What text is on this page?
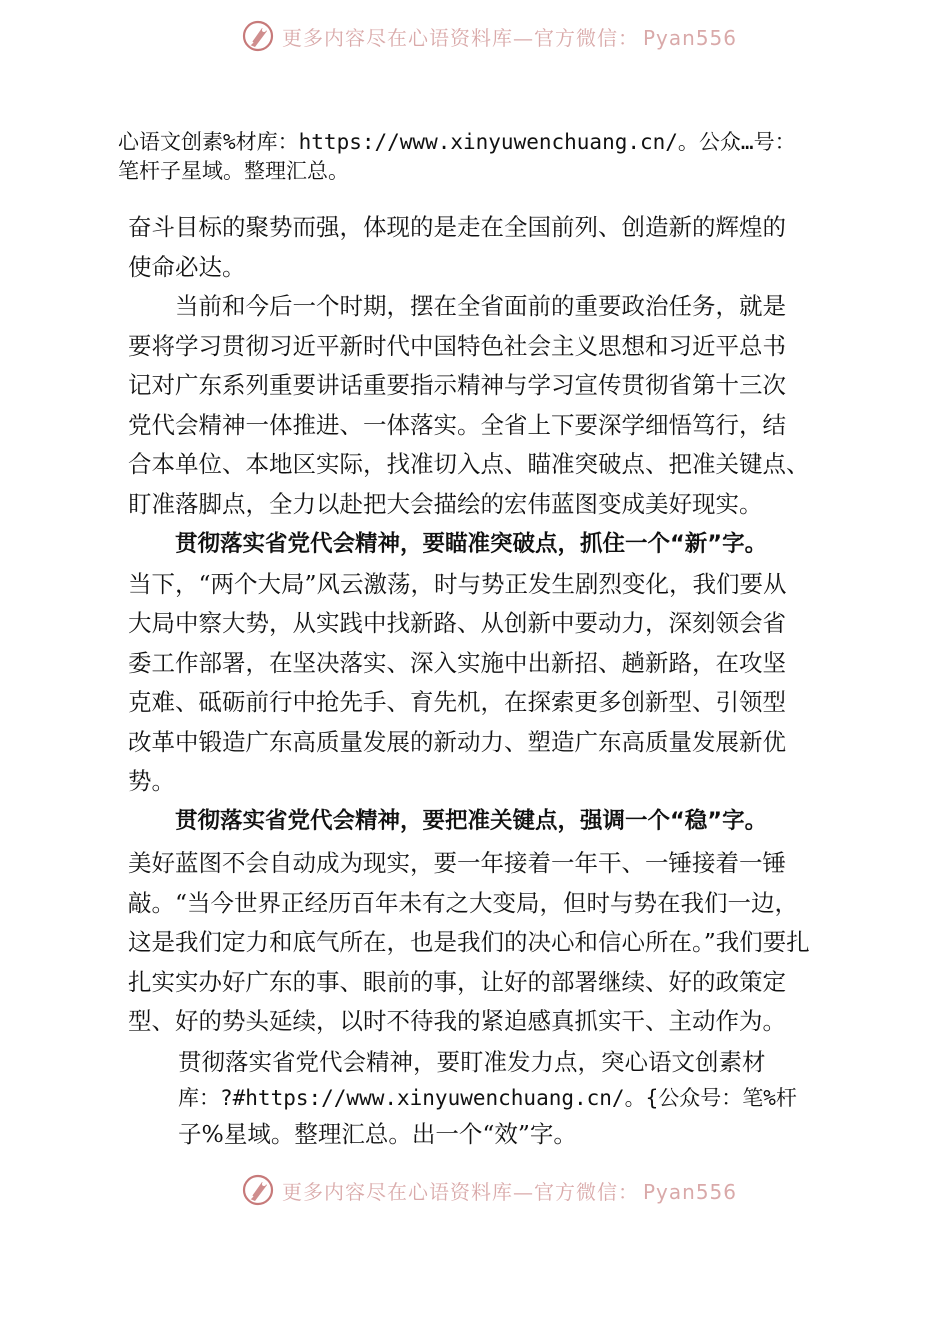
更多内容尽在心语资料库—官方微信： Pyan556
心语文创素%材库：https://www.xinyuwenchuang.cn/。公众…号：
笔杆子星域。整理汇总。
奋斗目标的聚势而强，体现的是走在全国前列、创造新的辉煌的
使命必达。
当前和今后一个时期，摆在全省面前的重要政治任务，就是
要将学习贯彻习近平新时代中国特色社会主义思想和习近平总书
记对广东系列重要讲话重要指示精神与学习宣传贯彻省第十三次
党代会精神一体推进、一体落实。全省上下要深学细悟笃行，结
合本单位、本地区实际，找准切入点、瞄准突破点、把准关键点、
盯准落脚点，全力以赴把大会描绘的宏伟蓝图变成美好现实。
贯彻落实省党代会精神，要瞄准突破点，抓住一个“新”字。
当下，“两个大局”风云激荡，时与势正发生剧烈变化，我们要从
大局中察大势，从实践中找新路、从创新中要动力，深刻领会省
委工作部署，在坚决落实、深入实施中出新招、趟新路，在攻坚
克难、砥砺前行中抢先手、育先机，在探索更多创新型、引领型
改革中锻造广东高质量发展的新动力、塑造广东高质量发展新优
势。
贯彻落实省党代会精神，要把准关键点，强调一个“稳”字。
美好蓝图不会自动成为现实，要一年接着一年干、一锤接着一锤
敲。“当今世界正经历百年未有之大变局，但时与势在我们一边，
这是我们定力和底气所在，也是我们的决心和信心所在。”我们要扎
扎实实办好广东的事、眼前的事，让好的部署继续、好的政策定
型、好的势头延续，以时不待我的紧迫感真抓实干、主动作为。
贯彻落实省党代会精神，要盯准发力点，突心语文创素材
库：?#https://www.xinyuwenchuang.cn/。{公众号：笔%杆
子%星域。整理汇总。出一个“效”字。
更多内容尽在心语资料库—官方微信： Pyan556
